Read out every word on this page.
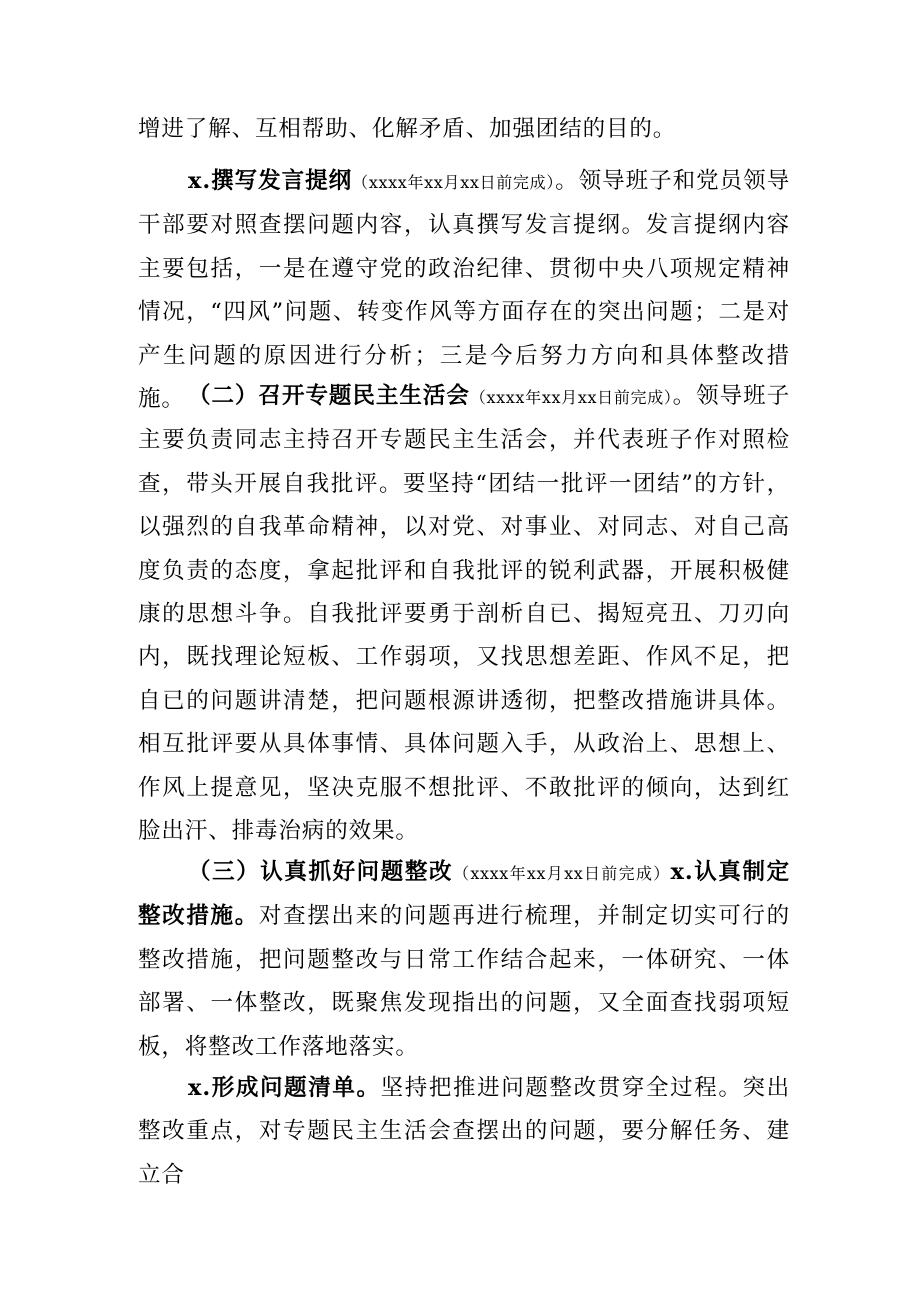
增进了解、互相帮助、化解矛盾、加强团结的目的。

x.撰写发言提纲（xxxx年xx月xx日前完成）。领导班子和党员领导干部要对照查摆问题内容，认真撰写发言提纲。发言提纲内容主要包括，一是在遵守党的政治纪律、贯彻中央八项规定精神情况，“四风”问题、转变作风等方面存在的突出问题；二是对产生问题的原因进行分析；三是今后努力方向和具体整改措施。 （二）召开专题民主生活会（xxxx年xx月xx日前完成）。领导班子主要负责同志主持召开专题民主生活会，并代表班子作对照检查，带头开展自我批评。要坚持“团结一批评一团结”的方针，以强烈的自我革命精神，以对党、对事业、对同志、对自己高度负责的态度，拿起批评和自我批评的锐利武器，开展积极健康的思想斗争。自我批评要勇于剖析自已、揭短亮丑、刀刃向内，既找理论短板、工作弱项，又找思想差距、作风不足，把自已的问题讲清楚，把问题根源讲透彻，把整改措施讲具体。相互批评要从具体事情、具体问题入手，从政治上、思想上、作风上提意见，坚决克服不想批评、不敢批评的倾向，达到红脸出汗、排毒治病的效果。

（三）认真抓好问题整改（xxxx年xx月xx日前完成）x.认真制定整改措施。对查摆出来的问题再进行梳理，并制定切实可行的整改措施，把问题整改与日常工作结合起来，一体研究、一体部署、一体整改，既聚焦发现指出的问题，又全面查找弱项短板，将整改工作落地落实。

x.形成问题清单。坚持把推进问题整改贯穿全过程。突出整改重点，对专题民主生活会查摆出的问题，要分解任务、建立合
